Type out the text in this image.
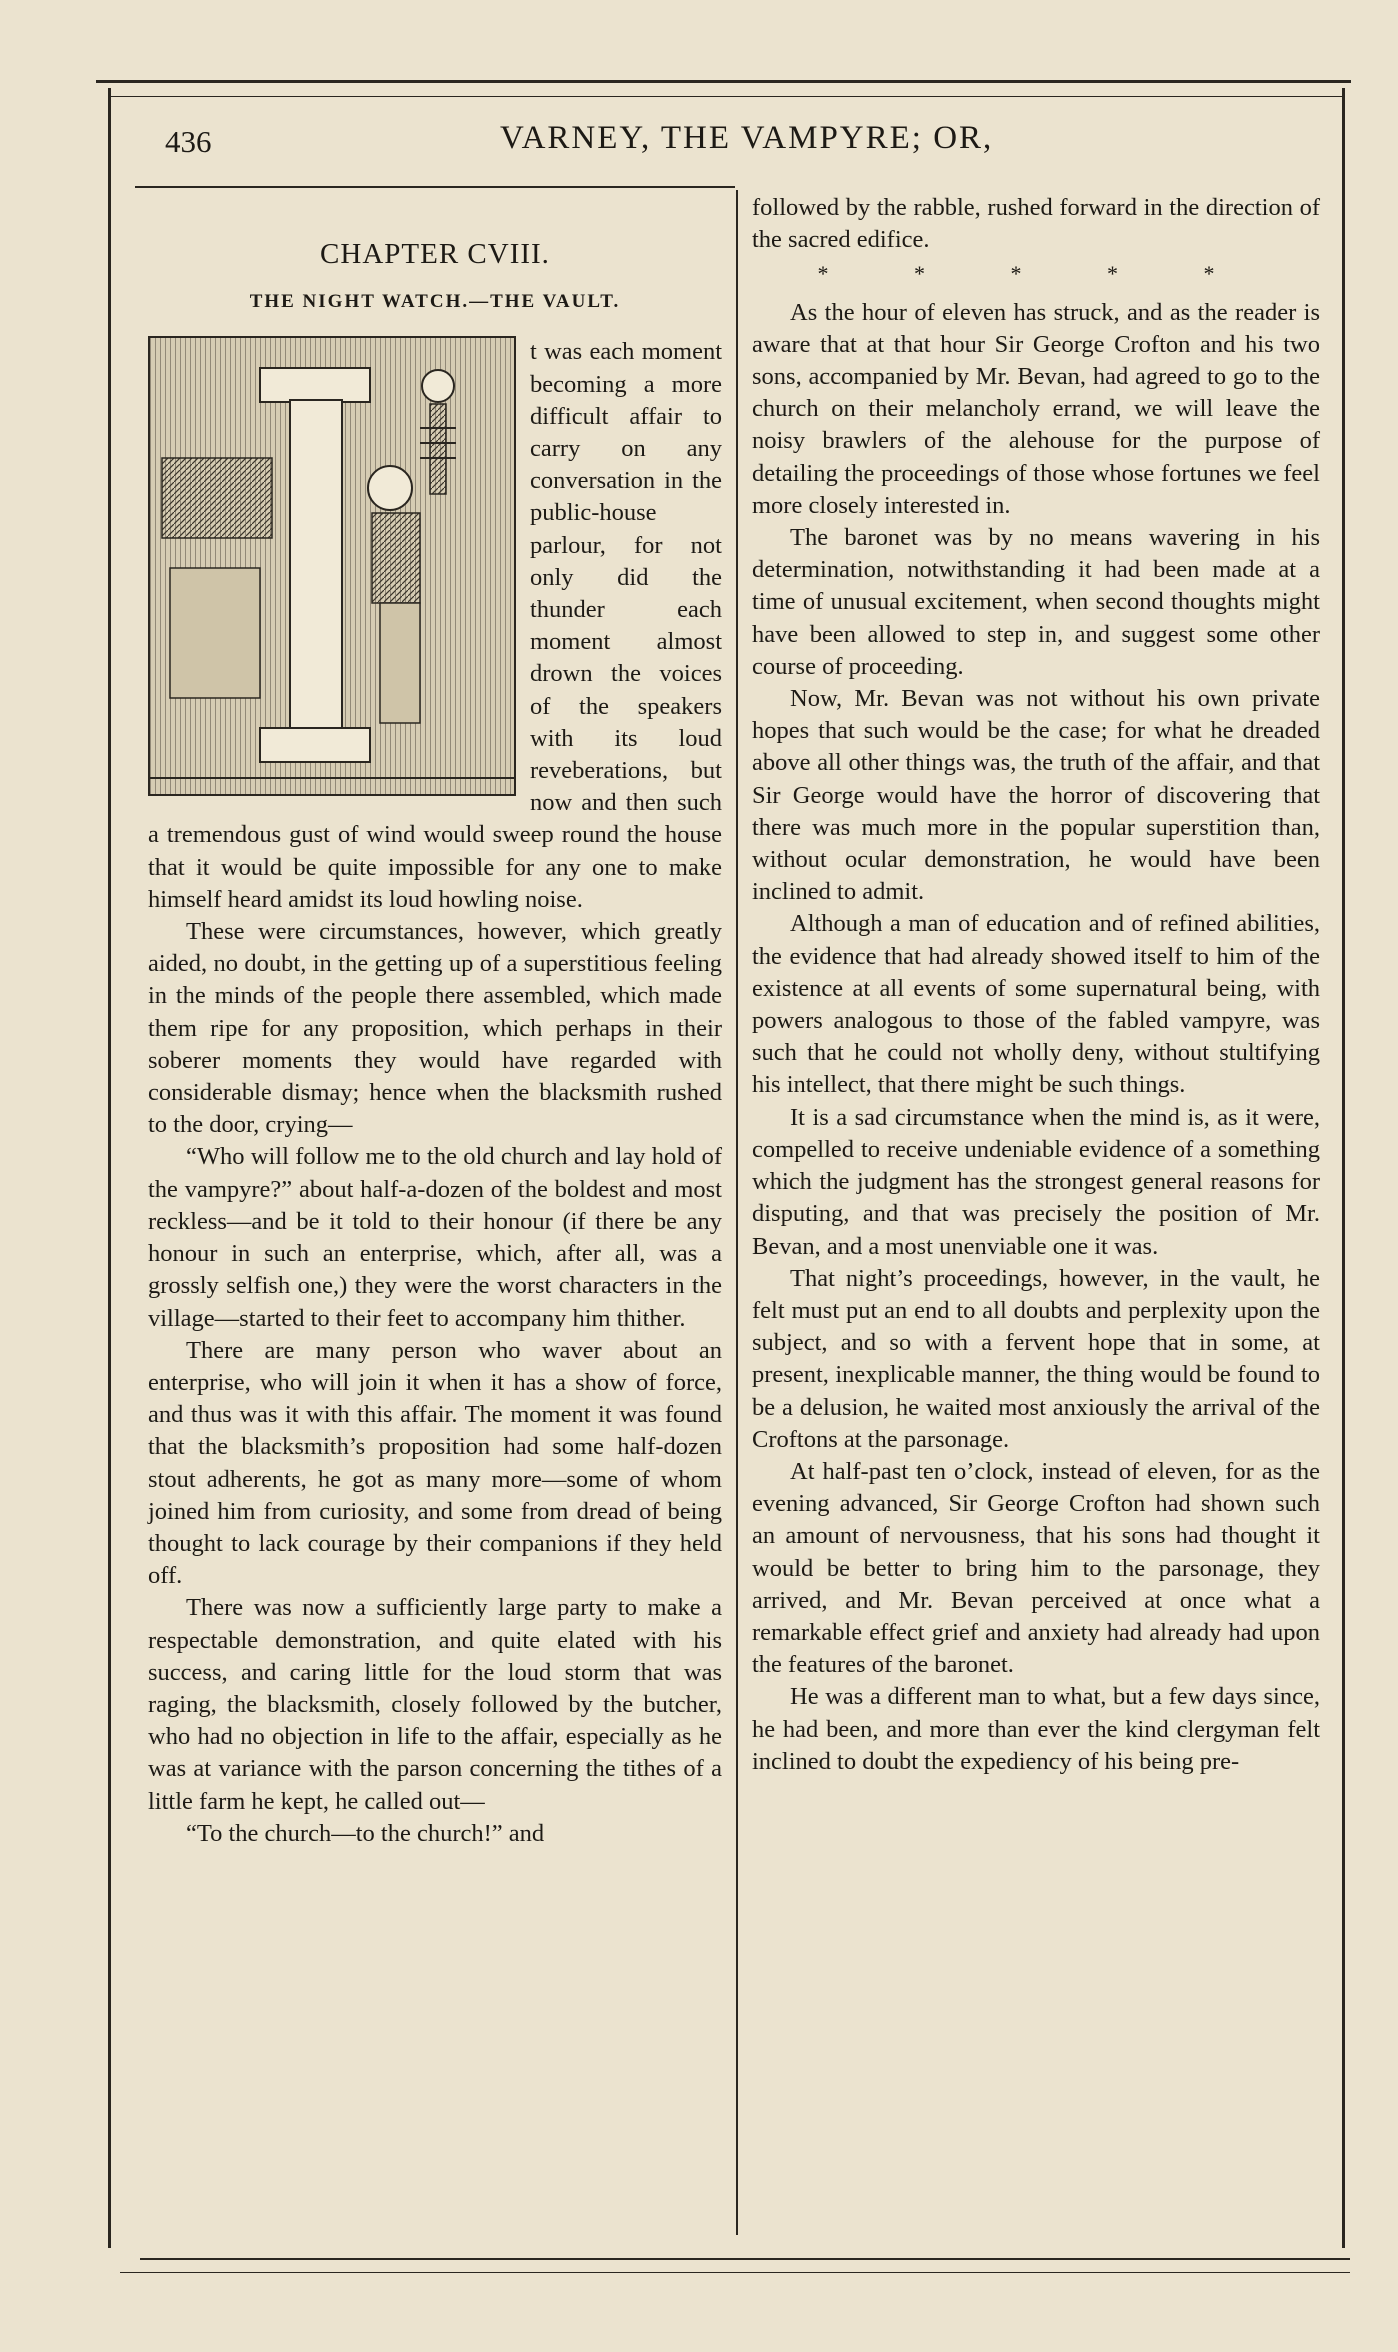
436	VARNEY, THE VAMPYRE; OR,
CHAPTER CVIII.
THE NIGHT WATCH.—THE VAULT.

t was each moment becoming a more difficult affair to carry on any conversation in the public-house parlour, for not only did the thunder each moment almost drown the voices of the speakers with its loud reveberations, but now and then such a tremendous gust of wind would sweep round the house that it would be quite impossible for any one to make himself heard amidst its loud howling noise.

These were circumstances, however, which greatly aided, no doubt, in the getting up of a superstitious feeling in the minds of the people there assembled, which made them ripe for any proposition, which perhaps in their soberer moments they would have regarded with considerable dismay; hence when the blacksmith rushed to the door, crying—

“Who will follow me to the old church and lay hold of the vampyre?” about half-a-dozen of the boldest and most reckless—and be it told to their honour (if there be any honour in such an enterprise, which, after all, was a grossly selfish one,) they were the worst characters in the village—started to their feet to accompany him thither.

There are many person who waver about an enterprise, who will join it when it has a show of force, and thus was it with this affair. The moment it was found that the blacksmith’s proposition had some half-dozen stout adherents, he got as many more—some of whom joined him from curiosity, and some from dread of being thought to lack courage by their companions if they held off.

There was now a sufficiently large party to make a respectable demonstration, and quite elated with his success, and caring little for the loud storm that was raging, the blacksmith, closely followed by the butcher, who had no objection in life to the affair, especially as he was at variance with the parson concerning the tithes of a little farm he kept, he called out—

“To the church—to the church!” and

followed by the rabble, rushed forward in the direction of the sacred edifice.

* * * * *

As the hour of eleven has struck, and as the reader is aware that at that hour Sir George Crofton and his two sons, accompanied by Mr. Bevan, had agreed to go to the church on their melancholy errand, we will leave the noisy brawlers of the alehouse for the purpose of detailing the proceedings of those whose fortunes we feel more closely interested in.

The baronet was by no means wavering in his determination, notwithstanding it had been made at a time of unusual excitement, when second thoughts might have been allowed to step in, and suggest some other course of proceeding.

Now, Mr. Bevan was not without his own private hopes that such would be the case; for what he dreaded above all other things was, the truth of the affair, and that Sir George would have the horror of discovering that there was much more in the popular superstition than, without ocular demonstration, he would have been inclined to admit.

Although a man of education and of refined abilities, the evidence that had already showed itself to him of the existence at all events of some supernatural being, with powers analogous to those of the fabled vampyre, was such that he could not wholly deny, without stultifying his intellect, that there might be such things.

It is a sad circumstance when the mind is, as it were, compelled to receive undeniable evidence of a something which the judgment has the strongest general reasons for disputing, and that was precisely the position of Mr. Bevan, and a most unenviable one it was.

That night’s proceedings, however, in the vault, he felt must put an end to all doubts and perplexity upon the subject, and so with a fervent hope that in some, at present, inexplicable manner, the thing would be found to be a delusion, he waited most anxiously the arrival of the Croftons at the parsonage.

At half-past ten o’clock, instead of eleven, for as the evening advanced, Sir George Crofton had shown such an amount of nervousness, that his sons had thought it would be better to bring him to the parsonage, they arrived, and Mr. Bevan perceived at once what a remarkable effect grief and anxiety had already had upon the features of the baronet.

He was a different man to what, but a few days since, he had been, and more than ever the kind clergyman felt inclined to doubt the expediency of his being pre-
